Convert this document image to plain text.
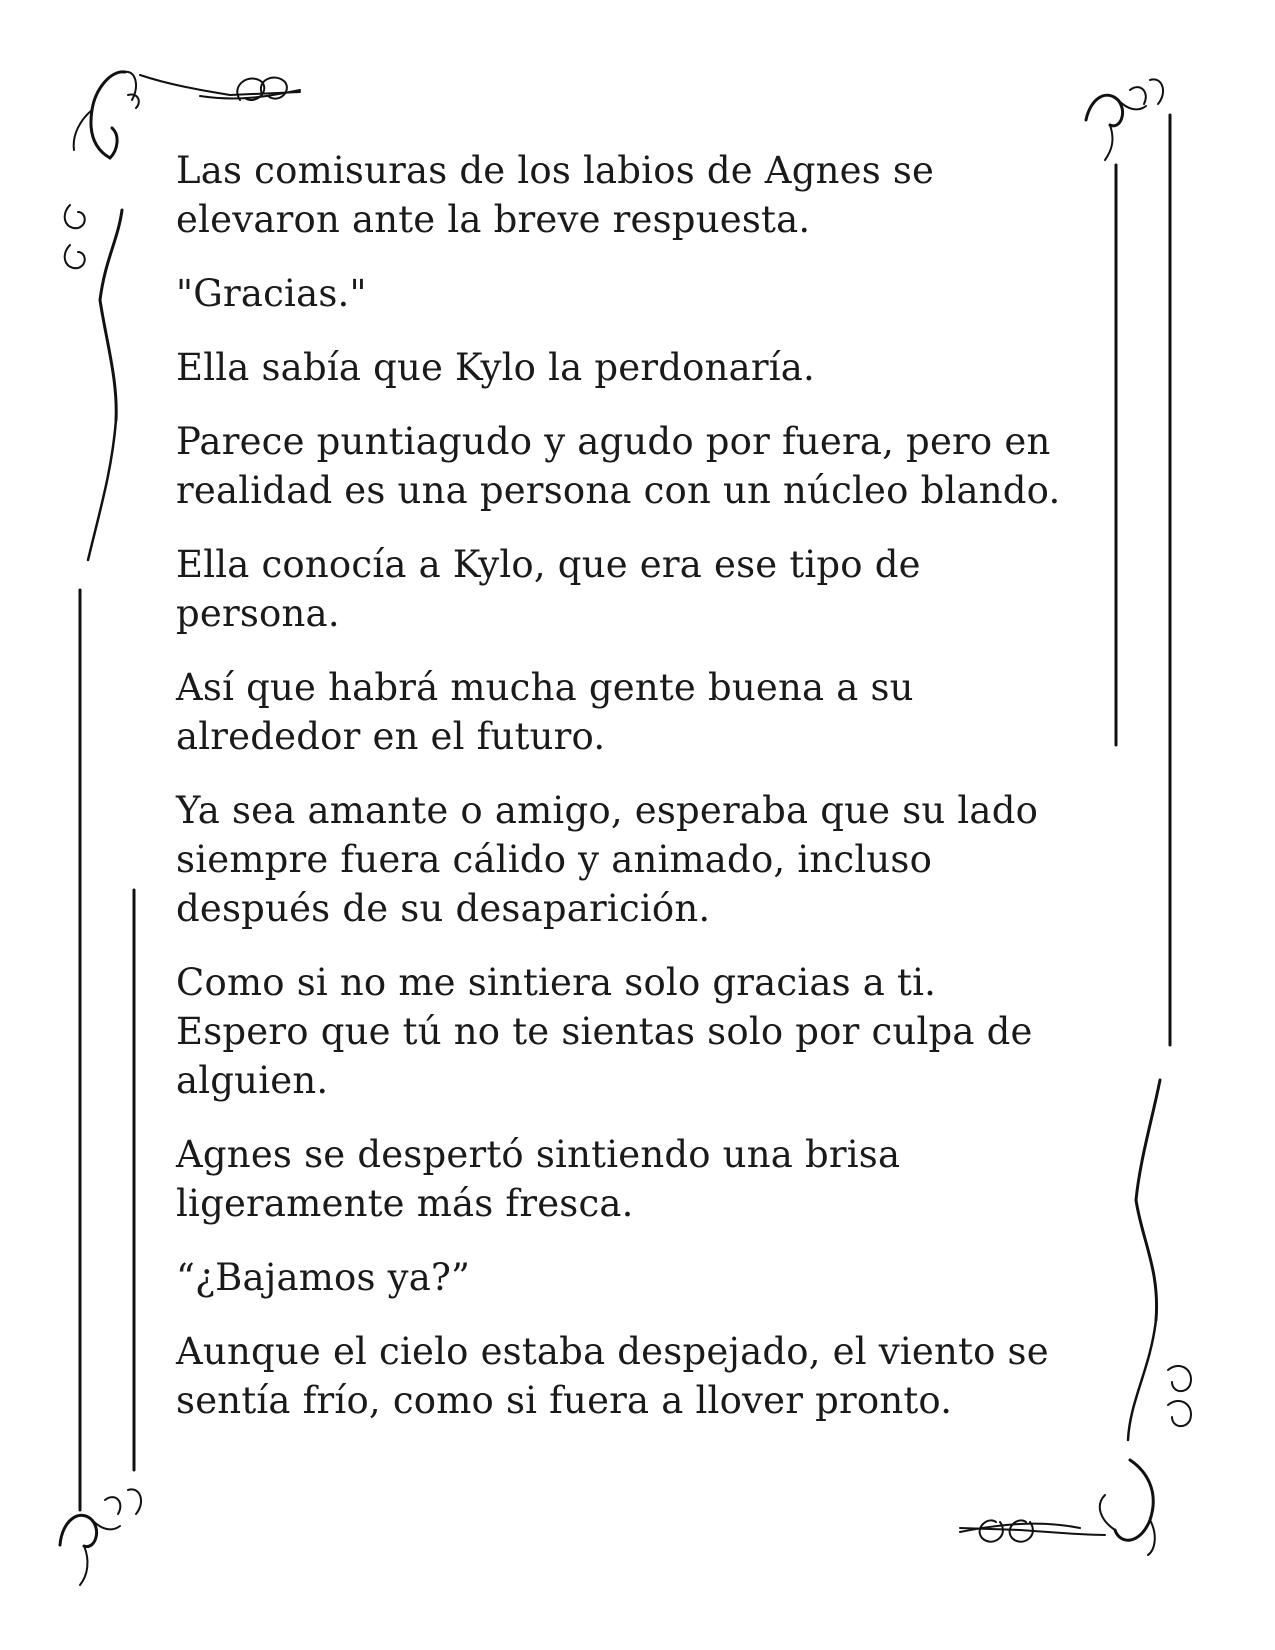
Las comisuras de los labios de Agnes se
elevaron ante la breve respuesta.

"Gracias."

Ella sabía que Kylo la perdonaría.

Parece puntiagudo y agudo por fuera, pero en
realidad es una persona con un núcleo blando.

Ella conocía a Kylo, que era ese tipo de
persona.

Así que habrá mucha gente buena a su
alrededor en el futuro.

Ya sea amante o amigo, esperaba que su lado
siempre fuera cálido y animado, incluso
después de su desaparición.

Como si no me sintiera solo gracias a ti.
Espero que tú no te sientas solo por culpa de
alguien.

Agnes se despertó sintiendo una brisa
ligeramente más fresca.

“¿Bajamos ya?”

Aunque el cielo estaba despejado, el viento se
sentía frío, como si fuera a llover pronto.
